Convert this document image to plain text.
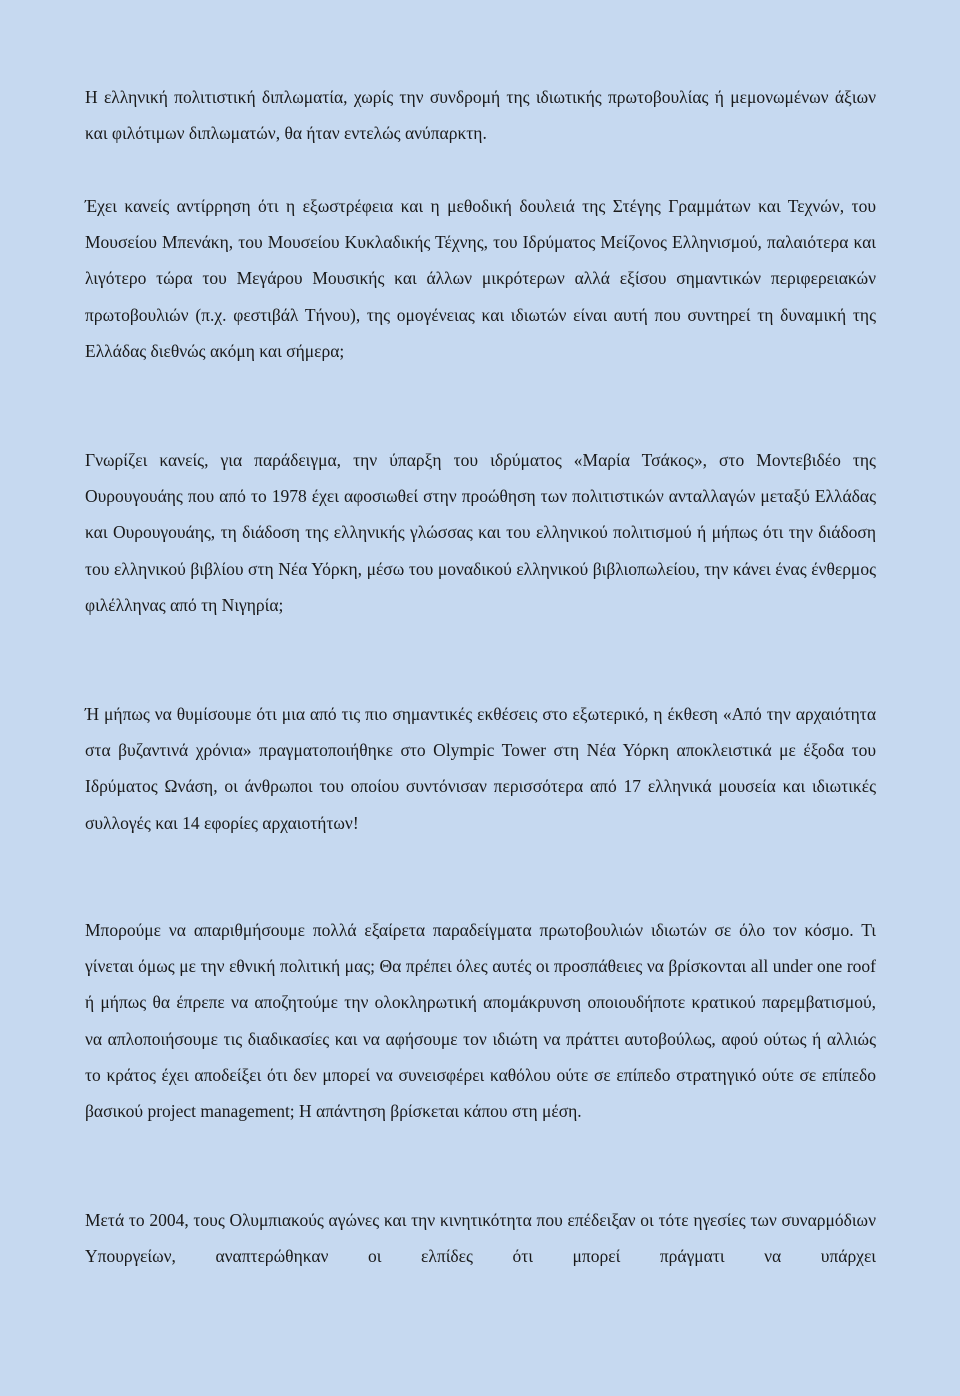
Η ελληνική πολιτιστική διπλωματία, χωρίς την συνδρομή της ιδιωτικής πρωτοβουλίας ή μεμονωμένων άξιων και φιλότιμων διπλωματών, θα ήταν εντελώς ανύπαρκτη.

Έχει κανείς αντίρρηση ότι η εξωστρέφεια και η μεθοδική δουλειά της Στέγης Γραμμάτων και Τεχνών, του Μουσείου Μπενάκη, του Μουσείου Κυκλαδικής Τέχνης, του Ιδρύματος Μείζονος Ελληνισμού, παλαιότερα και λιγότερο τώρα του Μεγάρου Μουσικής και άλλων μικρότερων αλλά εξίσου σημαντικών περιφερειακών πρωτοβουλιών (π.χ. φεστιβάλ Τήνου), της ομογένειας και ιδιωτών είναι αυτή που συντηρεί τη δυναμική της Ελλάδας διεθνώς ακόμη και σήμερα;

Γνωρίζει κανείς, για παράδειγμα, την ύπαρξη του ιδρύματος «Μαρία Τσάκος», στο Μοντεβιδέο της Ουρουγουάης που από το 1978 έχει αφοσιωθεί στην προώθηση των πολιτιστικών ανταλλαγών μεταξύ Ελλάδας και Ουρουγουάης, τη διάδοση της ελληνικής γλώσσας και του ελληνικού πολιτισμού ή μήπως ότι την διάδοση του ελληνικού βιβλίου στη Νέα Υόρκη, μέσω του μοναδικού ελληνικού βιβλιοπωλείου, την κάνει ένας ένθερμος φιλέλληνας από τη Νιγηρία;

Ή μήπως να θυμίσουμε ότι μια από τις πιο σημαντικές εκθέσεις στο εξωτερικό, η έκθεση «Από την αρχαιότητα στα βυζαντινά χρόνια» πραγματοποιήθηκε στο Olympic Tower στη Νέα Υόρκη αποκλειστικά με έξοδα του Ιδρύματος Ωνάση, οι άνθρωποι του οποίου συντόνισαν περισσότερα από 17 ελληνικά μουσεία και ιδιωτικές συλλογές και 14 εφορίες αρχαιοτήτων!

Μπορούμε να απαριθμήσουμε πολλά εξαίρετα παραδείγματα πρωτοβουλιών ιδιωτών σε όλο τον κόσμο. Τι γίνεται όμως με την εθνική πολιτική μας; Θα πρέπει όλες αυτές οι προσπάθειες να βρίσκονται all under one roof ή μήπως θα έπρεπε να αποζητούμε την ολοκληρωτική απομάκρυνση οποιουδήποτε κρατικού παρεμβατισμού, να απλοποιήσουμε τις διαδικασίες και να αφήσουμε τον ιδιώτη να πράττει αυτοβούλως, αφού ούτως ή αλλιώς το κράτος έχει αποδείξει ότι δεν μπορεί να συνεισφέρει καθόλου ούτε σε επίπεδο στρατηγικό ούτε σε επίπεδο βασικού project management; Η απάντηση βρίσκεται κάπου στη μέση.

Μετά το 2004, τους Ολυμπιακούς αγώνες και την κινητικότητα που επέδειξαν οι τότε ηγεσίες των συναρμόδιων Υπουργείων, αναπτερώθηκαν οι ελπίδες ότι μπορεί πράγματι να υπάρχει
